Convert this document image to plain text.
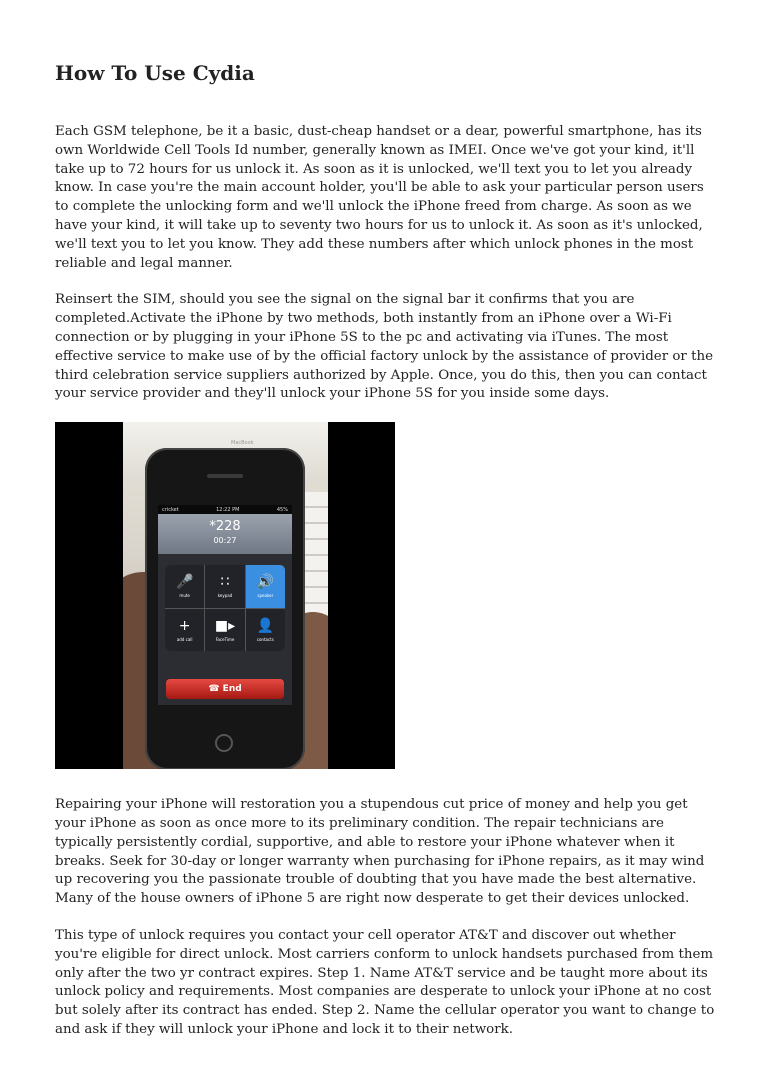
How To Use Cydia

Each GSM telephone, be it a basic, dust-cheap handset or a dear, powerful smartphone, has its own Worldwide Cell Tools Id number, generally known as IMEI. Once we've got your kind, it'll take up to 72 hours for us unlock it. As soon as it is unlocked, we'll text you to let you already know. In case you're the main account holder, you'll be able to ask your particular person users to complete the unlocking form and we'll unlock the iPhone freed from charge. As soon as we have your kind, it will take up to seventy two hours for us to unlock it. As soon as it's unlocked, we'll text you to let you know. They add these numbers after which unlock phones in the most reliable and legal manner.

Reinsert the SIM, should you see the signal on the signal bar it confirms that you are completed.Activate the iPhone by two methods, both instantly from an iPhone over a Wi-Fi connection or by plugging in your iPhone 5S to the pc and activating via iTunes. The most effective service to make use of by the official factory unlock by the assistance of provider or the third celebration service suppliers authorized by Apple. Once, you do this, then you can contact your service provider and they'll unlock your iPhone 5S for you inside some days.

MacBook
cricket	12:22 PM	45%
*228
00:27
🎤
mute
∷
keypad
🔊
speaker
+
add call
■▸
FaceTime
👤
contacts
☎ End

Repairing your iPhone will restoration you a stupendous cut price of money and help you get your iPhone as soon as once more to its preliminary condition. The repair technicians are typically persistently cordial, supportive, and able to restore your iPhone whatever when it breaks. Seek for 30-day or longer warranty when purchasing for iPhone repairs, as it may wind up recovering you the passionate trouble of doubting that you have made the best alternative. Many of the house owners of iPhone 5 are right now desperate to get their devices unlocked.

This type of unlock requires you contact your cell operator AT&T and discover out whether you're eligible for direct unlock. Most carriers conform to unlock handsets purchased from them only after the two yr contract expires. Step 1. Name AT&T service and be taught more about its unlock policy and requirements. Most companies are desperate to unlock your iPhone at no cost but solely after its contract has ended. Step 2. Name the cellular operator you want to change to and ask if they will unlock your iPhone and lock it to their network.
